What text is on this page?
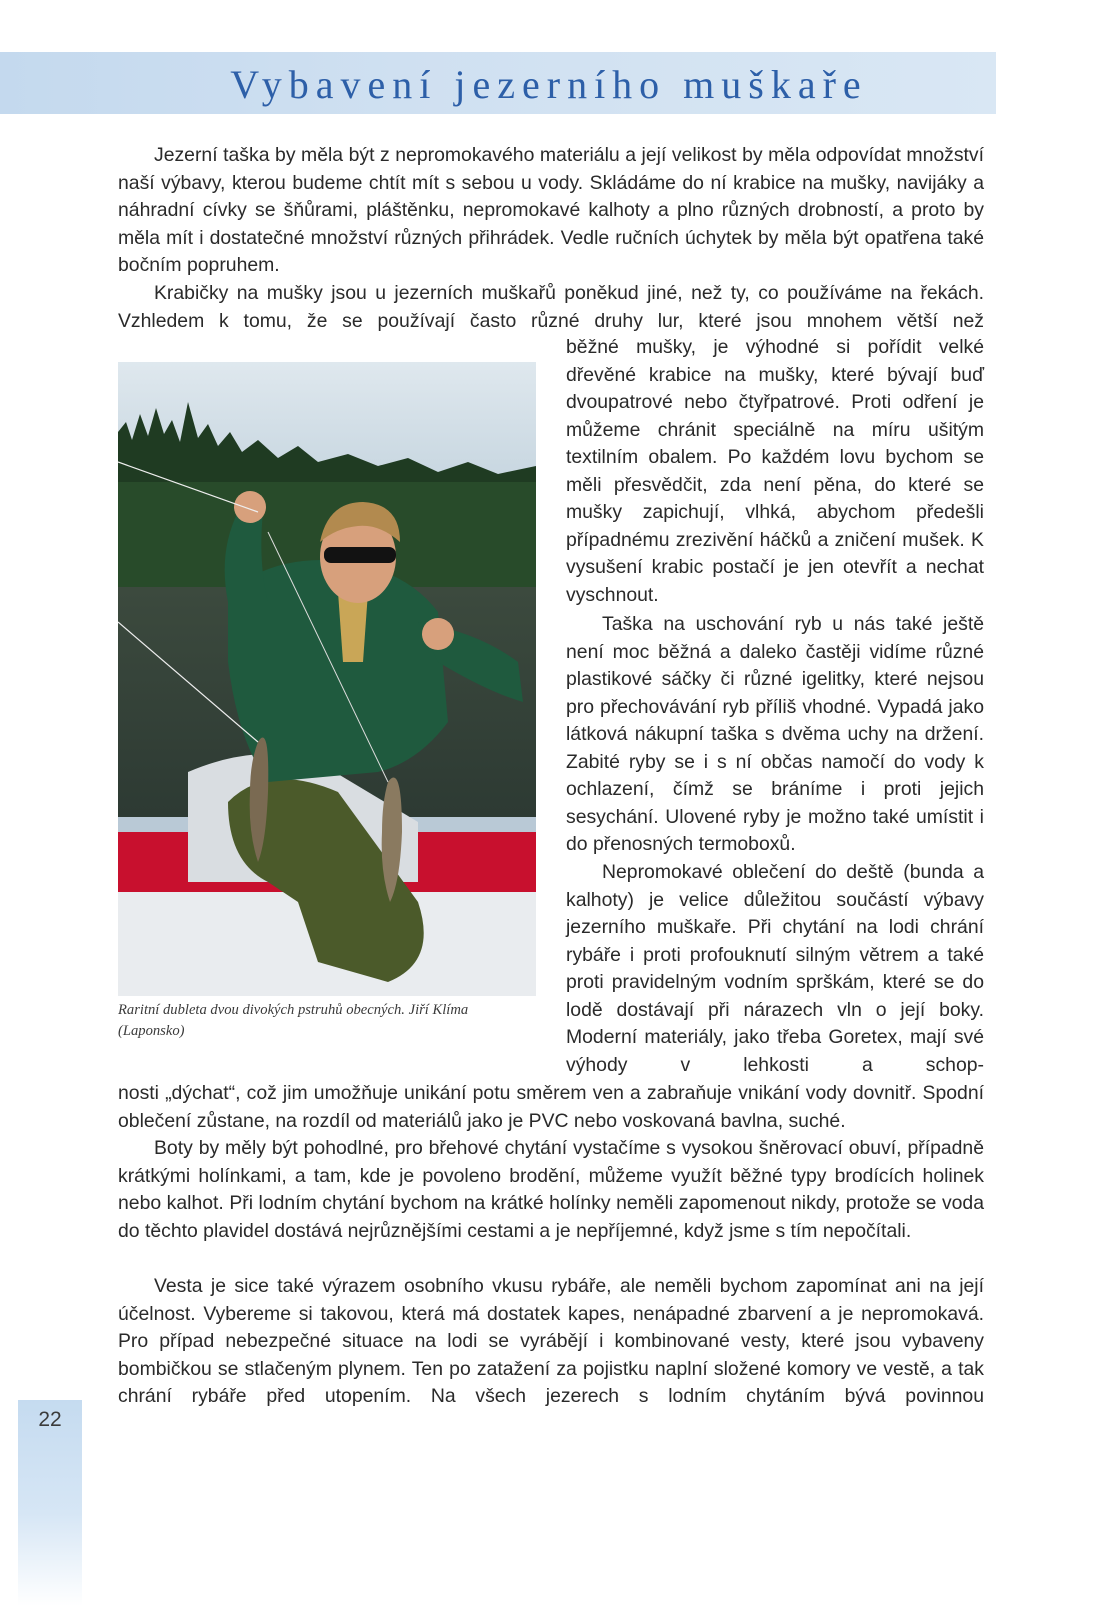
Vybavení jezerního muškaře

Jezerní taška by měla být z nepromokavého materiálu a její velikost by měla odpovídat množství naší výbavy, kterou budeme chtít mít s sebou u vody. Skládáme do ní krabice na mušky, navijáky a náhradní cívky se šňůrami, pláštěnku, nepromokavé kalhoty a plno různých drobností, a proto by měla mít i dostatečné množství různých přihrádek. Vedle ručních úchytek by měla být opatřena také bočním popruhem.

Krabičky na mušky jsou u jezerních muškařů poněkud jiné, než ty, co používáme na řekách. Vzhledem k tomu, že se používají často různé druhy lur, které jsou mnohem větší než

běžné mušky, je výhodné si pořídit velké dřevěné krabice na mušky, které bývají buď dvoupatrové nebo čtyřpatrové. Proti odření je můžeme chránit speciálně na míru ušitým textilním obalem. Po každém lovu bychom se měli přesvědčit, zda není pěna, do které se mušky zapichují, vlhká, abychom předešli případnému zrezivění háčků a zničení mušek. K vysušení krabic postačí je jen otevřít a nechat vyschnout.

Taška na uschování ryb u nás také ještě není moc běžná a daleko častěji vidíme různé plastikové sáčky či různé igelitky, které nejsou pro přechovávání ryb příliš vhodné. Vypadá jako látková nákupní taška s dvěma uchy na držení. Zabité ryby se i s ní občas namočí do vody k ochlazení, čímž se bráníme i proti jejich sesychání. Ulovené ryby je možno také umístit i do přenosných termoboxů.

Nepromokavé oblečení do deště (bunda a kalhoty) je velice důležitou součástí výbavy jezerního muškaře. Při chytání na lodi chrání rybáře i proti profouknutí silným větrem a také proti pravidelným vodním sprškám, které se do lodě dostávají při nárazech vln o její boky. Moderní materiály, jako třeba Goretex, mají své výhody v lehkosti a schop-

nosti „dýchat“, což jim umožňuje unikání potu směrem ven a zabraňuje vnikání vody dovnitř. Spodní oblečení zůstane, na rozdíl od materiálů jako je PVC nebo voskovaná bavlna, suché.

Boty by měly být pohodlné, pro břehové chytání vystačíme s vysokou šněrovací obuví, případně krátkými holínkami, a tam, kde je povoleno brodění, můžeme využít běžné typy brodících holinek nebo kalhot. Při lodním chytání bychom na krátké holínky neměli zapomenout nikdy, protože se voda do těchto plavidel dostává nejrůznějšími cestami a je nepříjemné, když jsme s tím nepočítali.

Vesta je sice také výrazem osobního vkusu rybáře, ale neměli bychom zapomínat ani na její účelnost. Vybereme si takovou, která má dostatek kapes, nenápadné zbarvení a je nepromokavá. Pro případ nebezpečné situace na lodi se vyrábějí i kombinované vesty, které jsou vybaveny bombičkou se stlačeným plynem. Ten po zatažení za pojistku naplní složené komory ve vestě, a tak chrání rybáře před utopením. Na všech jezerech s lodním chytáním bývá povinnou

Raritní dubleta dvou divokých pstruhů obecných. Jiří Klíma
(Laponsko)

22
